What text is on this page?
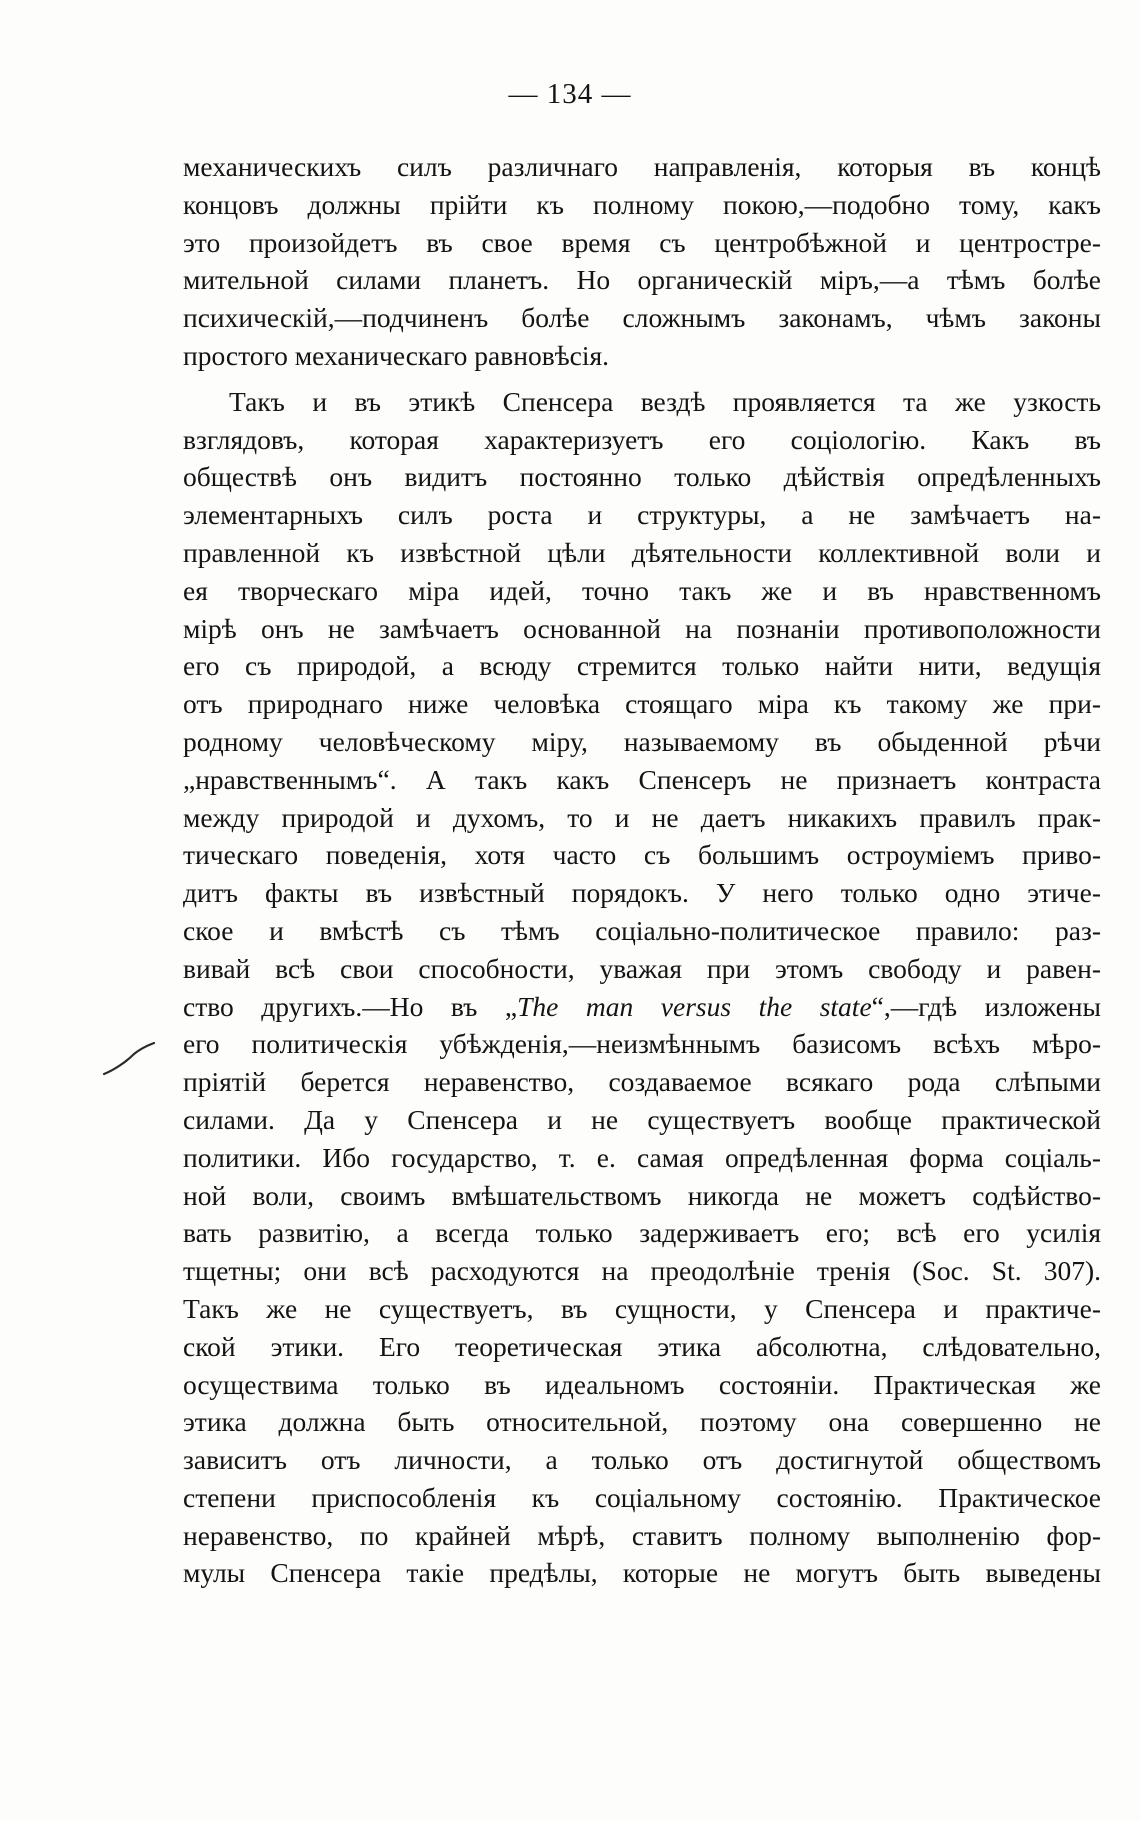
— 134 —
механическихъ силъ различнаго направленія, которыя въ концѣ
концовъ должны прійти къ полному покою,—подобно тому, какъ
это произойдетъ въ свое время съ центробѣжной и центростре-
мительной силами планетъ. Но органическій міръ,—а тѣмъ болѣе
психическій,—подчиненъ болѣе сложнымъ законамъ, чѣмъ законы
простого механическаго равновѣсія.
Такъ и въ этикѣ Спенсера вездѣ проявляется та же узкость
взглядовъ, которая характеризуетъ его соціологію. Какъ въ
обществѣ онъ видитъ постоянно только дѣйствія опредѣленныхъ
элементарныхъ силъ роста и структуры, а не замѣчаетъ на-
правленной къ извѣстной цѣли дѣятельности коллективной воли и
ея творческаго міра идей, точно такъ же и въ нравственномъ
мірѣ онъ не замѣчаетъ основанной на познаніи противоположности
его съ природой, а всюду стремится только найти нити, ведущія
отъ природнаго ниже человѣка стоящаго міра къ такому же при-
родному человѣческому міру, называемому въ обыденной рѣчи
„нравственнымъ“. А такъ какъ Спенсеръ не признаетъ контраста
между природой и духомъ, то и не даетъ никакихъ правилъ прак-
тическаго поведенія, хотя часто съ большимъ остроуміемъ приво-
дитъ факты въ извѣстный порядокъ. У него только одно этиче-
ское и вмѣстѣ съ тѣмъ соціально-политическое правило: раз-
вивай всѣ свои способности, уважая при этомъ свободу и равен-
ство другихъ.—Но въ „The man versus the state“,—гдѣ изложены
его политическія убѣжденія,—неизмѣннымъ базисомъ всѣхъ мѣро-
пріятій берется неравенство, создаваемое всякаго рода слѣпыми
силами. Да у Спенсера и не существуетъ вообще практической
политики. Ибо государство, т. е. самая опредѣленная форма соціаль-
ной воли, своимъ вмѣшательствомъ никогда не можетъ содѣйство-
вать развитію, а всегда только задерживаетъ его; всѣ его усилія
тщетны; они всѣ расходуются на преодолѣніе тренія (Soc. St. 307).
Такъ же не существуетъ, въ сущности, у Спенсера и практиче-
ской этики. Его теоретическая этика абсолютна, слѣдовательно,
осуществима только въ идеальномъ состояніи. Практическая же
этика должна быть относительной, поэтому она совершенно не
зависитъ отъ личности, а только отъ достигнутой обществомъ
степени приспособленія къ соціальному состоянію. Практическое
неравенство, по крайней мѣрѣ, ставитъ полному выполненію фор-
мулы Спенсера такіе предѣлы, которые не могутъ быть выведены
